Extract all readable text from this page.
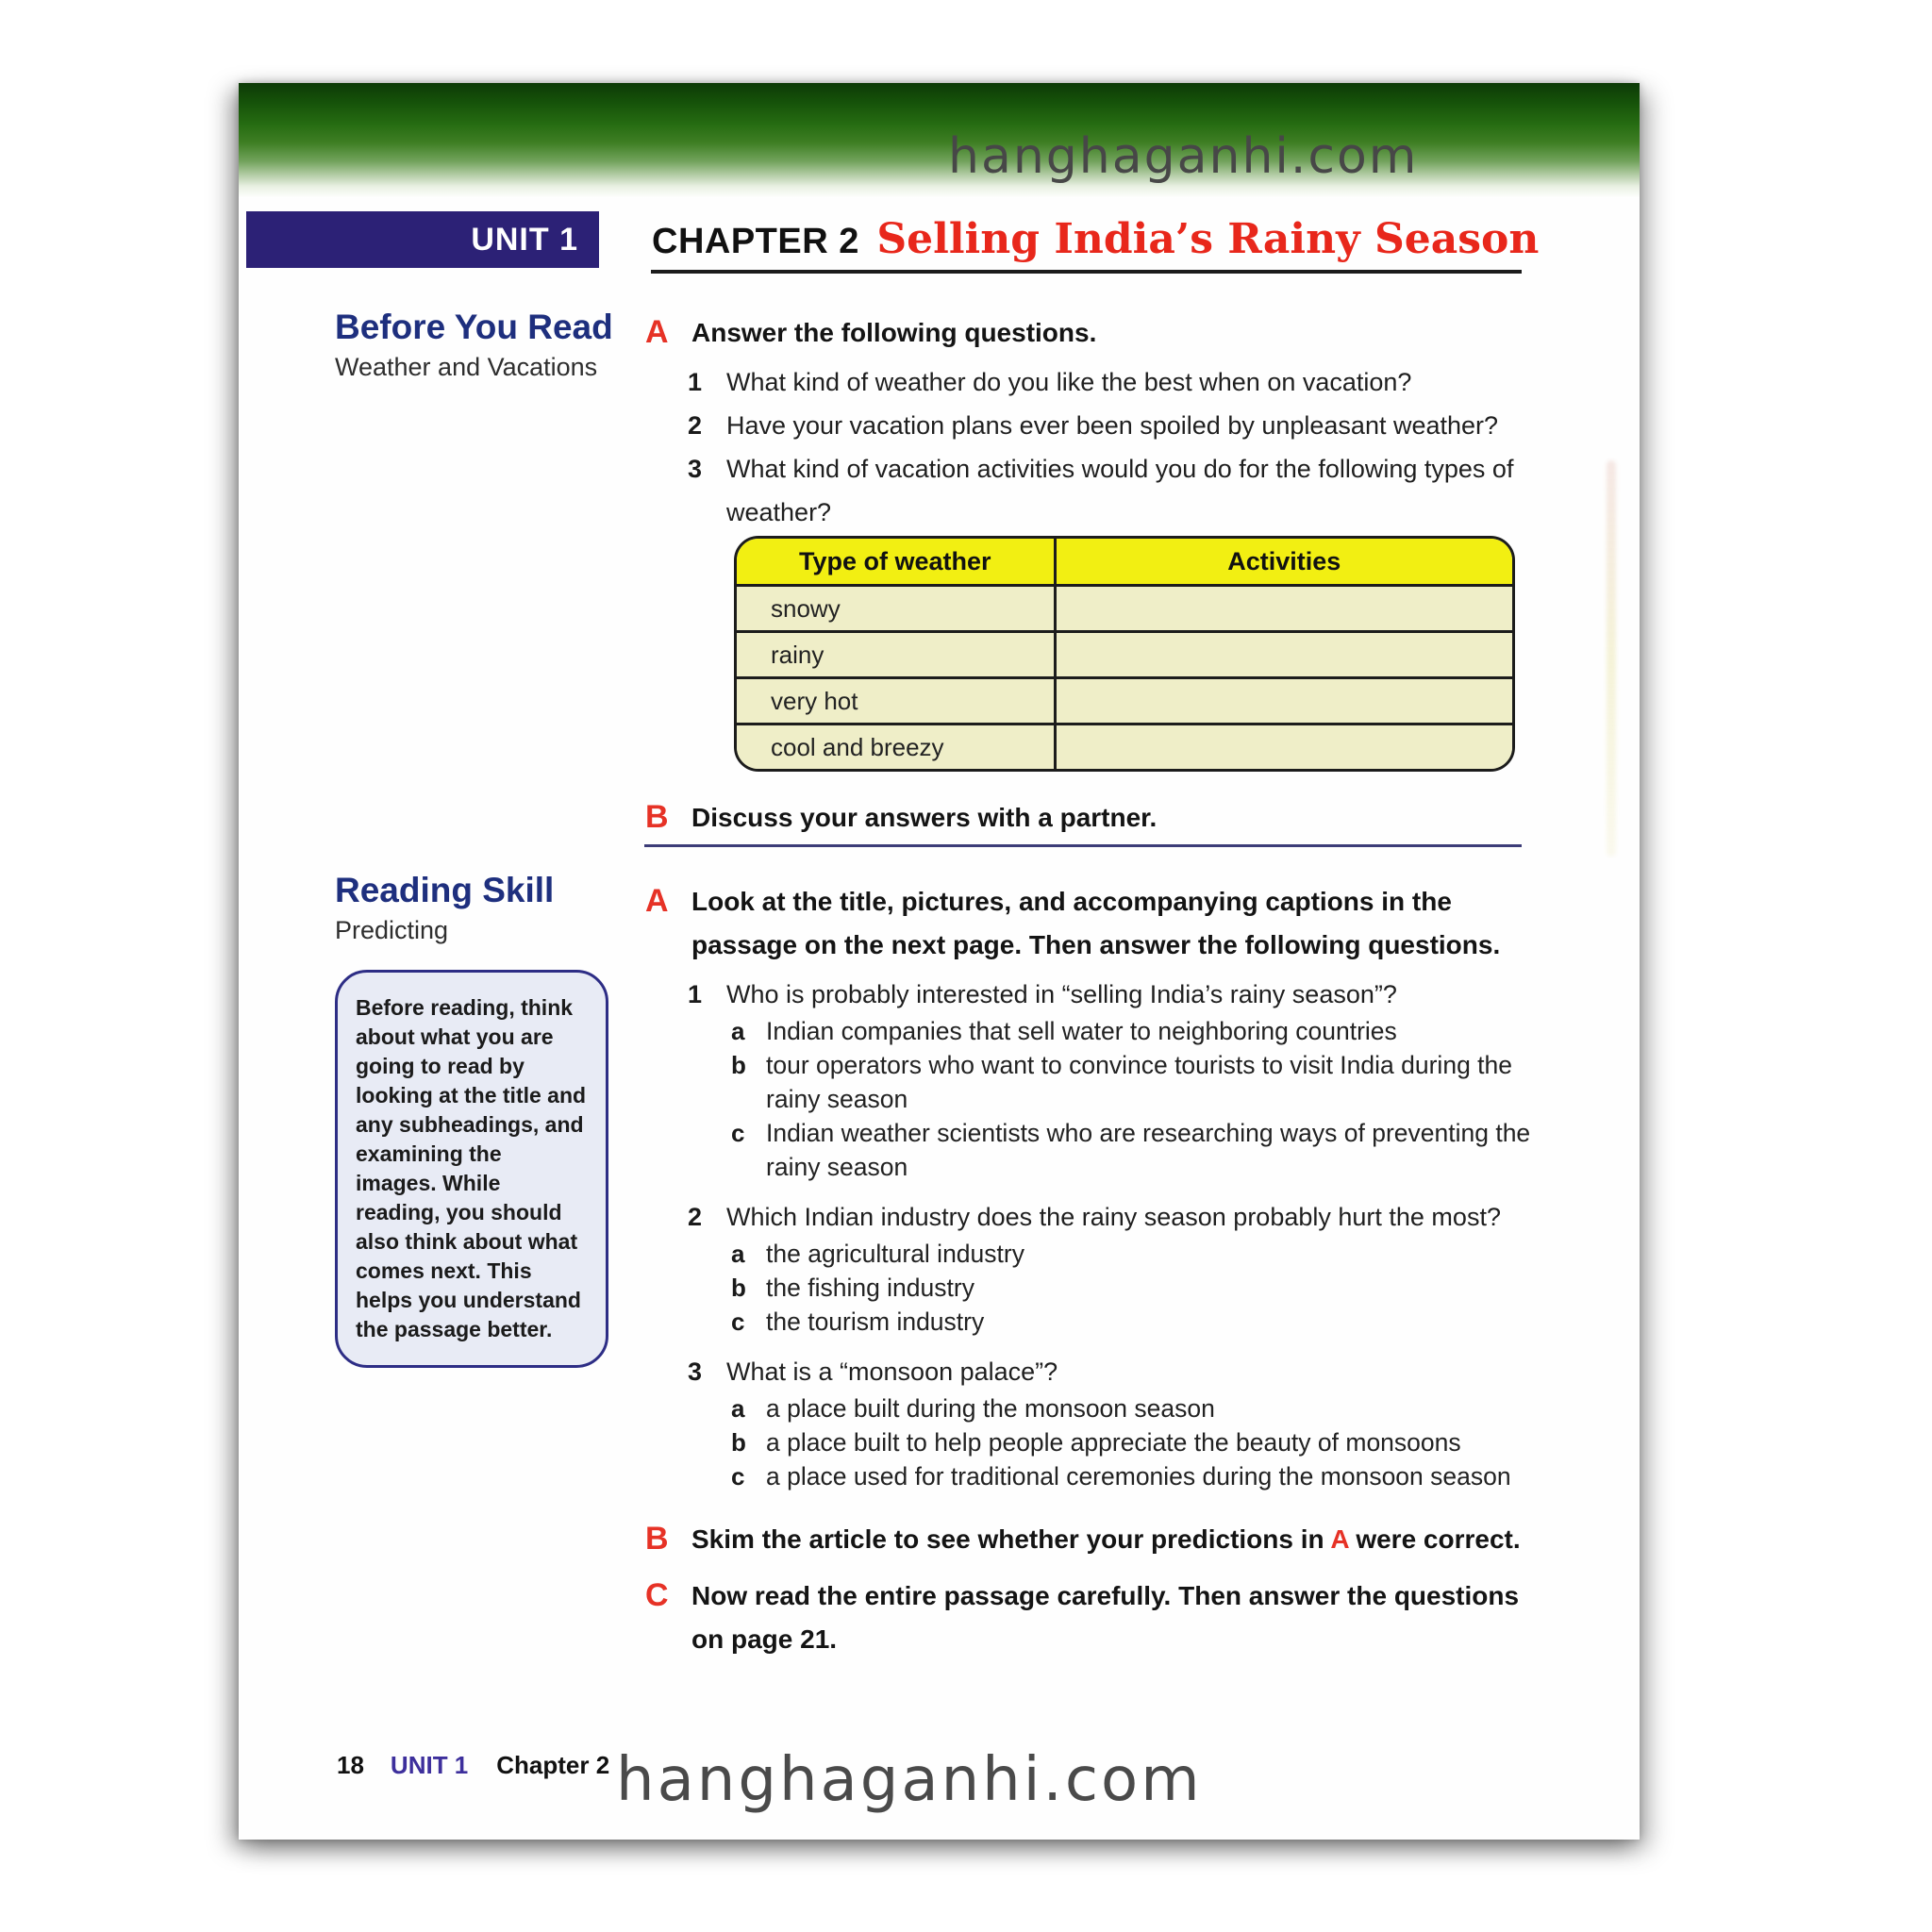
hanghaganhi.com
UNIT 1 CHAPTER 2 Selling India’s Rainy Season
Before You Read
Weather and Vacations
A Answer the following questions.
1 What kind of weather do you like the best when on vacation?
2 Have your vacation plans ever been spoiled by unpleasant weather?
3 What kind of vacation activities would you do for the following types of weather?
Type of weather	Activities
snowy	
rainy	
very hot	
cool and breezy	
B Discuss your answers with a partner.
Reading Skill
Predicting
Before reading, think about what you are going to read by looking at the title and any subheadings, and examining the images. While reading, you should also think about what comes next. This helps you understand the passage better.
A Look at the title, pictures, and accompanying captions in the passage on the next page. Then answer the following questions.
1 Who is probably interested in “selling India’s rainy season”?
a Indian companies that sell water to neighboring countries
b tour operators who want to convince tourists to visit India during the rainy season
c Indian weather scientists who are researching ways of preventing the rainy season
2 Which Indian industry does the rainy season probably hurt the most?
a the agricultural industry
b the fishing industry
c the tourism industry
3 What is a “monsoon palace”?
a a place built during the monsoon season
b a place built to help people appreciate the beauty of monsoons
c a place used for traditional ceremonies during the monsoon season
B Skim the article to see whether your predictions in A were correct.
C Now read the entire passage carefully. Then answer the questions on page 21.
18 UNIT 1 Chapter 2 hanghaganhi.com
